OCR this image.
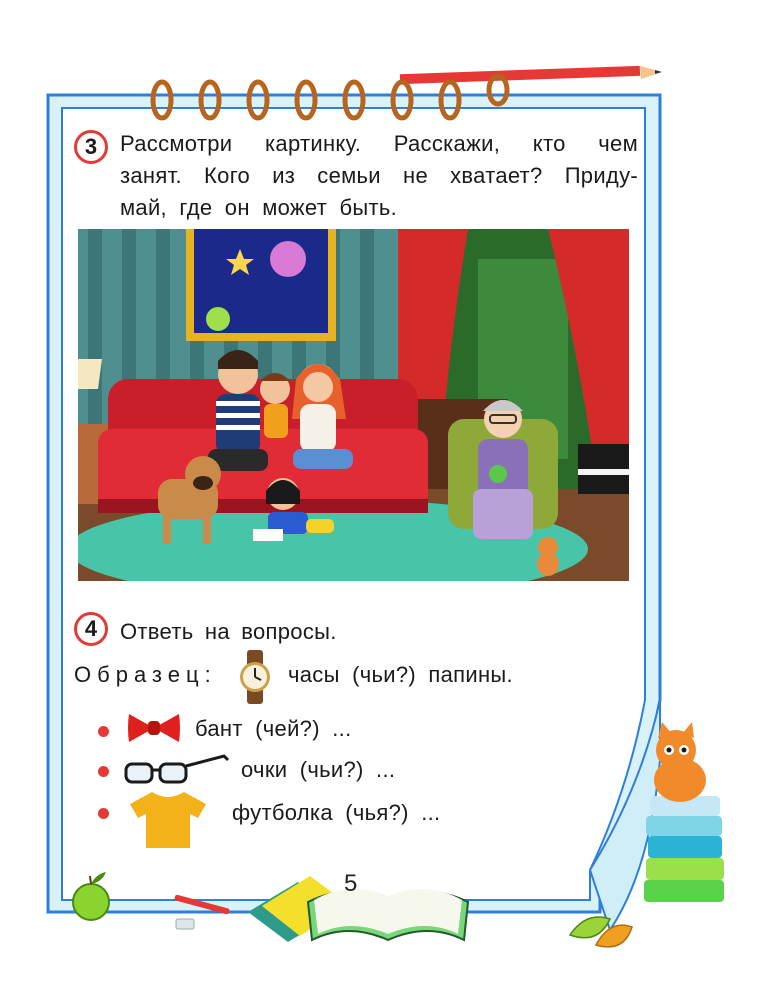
3	Рассмотри картинку. Расскажи, кто чем
занят. Кого из семьи не хватает? Приду-
май, где он может быть.
4	Ответь на вопросы.
Образец:	часы (чьи?) папины.
бант (чей?) ...
очки (чьи?) ...
футболка (чья?) ...
5
